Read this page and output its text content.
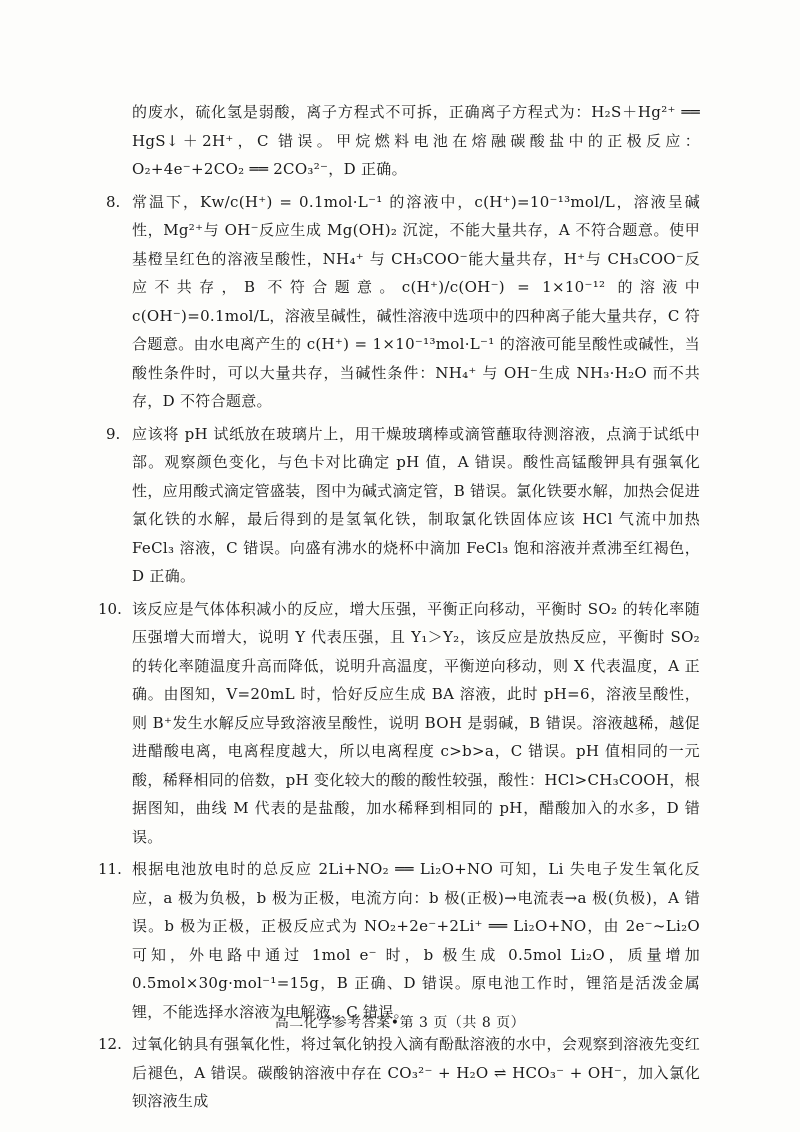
的废水，硫化氢是弱酸，离子方程式不可拆，正确离子方程式为：H₂S＋Hg²⁺ ══ HgS↓＋2H⁺，C 错误。甲烷燃料电池在熔融碳酸盐中的正极反应：O₂+4e⁻+2CO₂ ══ 2CO₃²⁻，D 正确。

8. 常温下，Kw/c(H⁺) = 0.1mol·L⁻¹ 的溶液中，c(H⁺)=10⁻¹³mol/L，溶液呈碱性，Mg²⁺与 OH⁻反应生成 Mg(OH)₂ 沉淀，不能大量共存，A 不符合题意。使甲基橙呈红色的溶液呈酸性，NH₄⁺ 与 CH₃COO⁻能大量共存，H⁺与 CH₃COO⁻反应不共存，B 不符合题意。c(H⁺)/c(OH⁻) = 1×10⁻¹² 的溶液中 c(OH⁻)=0.1mol/L，溶液呈碱性，碱性溶液中选项中的四种离子能大量共存，C 符合题意。由水电离产生的 c(H⁺) = 1×10⁻¹³mol·L⁻¹ 的溶液可能呈酸性或碱性，当酸性条件时，可以大量共存，当碱性条件：NH₄⁺ 与 OH⁻生成 NH₃·H₂O 而不共存，D 不符合题意。

9. 应该将 pH 试纸放在玻璃片上，用干燥玻璃棒或滴管蘸取待测溶液，点滴于试纸中部。观察颜色变化，与色卡对比确定 pH 值，A 错误。酸性高锰酸钾具有强氧化性，应用酸式滴定管盛装，图中为碱式滴定管，B 错误。氯化铁要水解，加热会促进氯化铁的水解，最后得到的是氢氧化铁，制取氯化铁固体应该 HCl 气流中加热 FeCl₃ 溶液，C 错误。向盛有沸水的烧杯中滴加 FeCl₃ 饱和溶液并煮沸至红褐色，D 正确。

10. 该反应是气体体积减小的反应，增大压强，平衡正向移动，平衡时 SO₂ 的转化率随压强增大而增大，说明 Y 代表压强，且 Y₁＞Y₂，该反应是放热反应，平衡时 SO₂ 的转化率随温度升高而降低，说明升高温度，平衡逆向移动，则 X 代表温度，A 正确。由图知，V=20mL 时，恰好反应生成 BA 溶液，此时 pH=6，溶液呈酸性，则 B⁺发生水解反应导致溶液呈酸性，说明 BOH 是弱碱，B 错误。溶液越稀，越促进醋酸电离，电离程度越大，所以电离程度 c>b>a，C 错误。pH 值相同的一元酸，稀释相同的倍数，pH 变化较大的酸的酸性较强，酸性：HCl>CH₃COOH，根据图知，曲线 M 代表的是盐酸，加水稀释到相同的 pH，醋酸加入的水多，D 错误。

11. 根据电池放电时的总反应 2Li+NO₂ ══ Li₂O+NO 可知，Li 失电子发生氧化反应，a 极为负极，b 极为正极，电流方向：b 极(正极)→电流表→a 极(负极)，A 错误。b 极为正极，正极反应式为 NO₂+2e⁻+2Li⁺ ══ Li₂O+NO，由 2e⁻~Li₂O 可知，外电路中通过 1mol e⁻ 时，b 极生成 0.5mol Li₂O，质量增加 0.5mol×30g·mol⁻¹=15g，B 正确、D 错误。原电池工作时，锂箔是活泼金属锂，不能选择水溶液为电解液，C 错误。

12. 过氧化钠具有强氧化性，将过氧化钠投入滴有酚酞溶液的水中，会观察到溶液先变红后褪色，A 错误。碳酸钠溶液中存在 CO₃²⁻ + H₂O ⇌ HCO₃⁻ + OH⁻，加入氯化钡溶液生成

高二化学参考答案•第 3 页（共 8 页）
